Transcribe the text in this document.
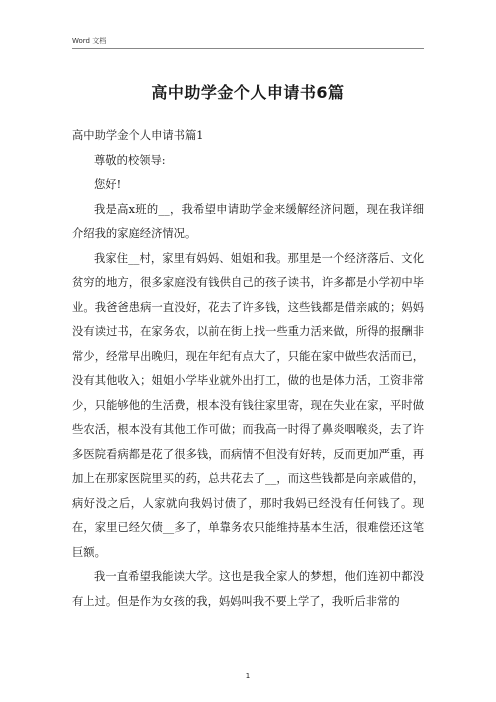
Word 文档
高中助学金个人申请书6篇

高中助学金个人申请书篇1

尊敬的校领导:

您好!

我是高x班的__，我希望申请助学金来缓解经济问题，现在我详细介绍我的家庭经济情况。

我家住__村，家里有妈妈、姐姐和我。那里是一个经济落后、文化贫穷的地方，很多家庭没有钱供自己的孩子读书，许多都是小学初中毕业。我爸爸患病一直没好，花去了许多钱，这些钱都是借亲戚的；妈妈没有读过书，在家务农，以前在街上找一些重力活来做，所得的报酬非常少，经常早出晚归，现在年纪有点大了，只能在家中做些农活而已，没有其他收入；姐姐小学毕业就外出打工，做的也是体力活，工资非常少，只能够他的生活费，根本没有钱往家里寄，现在失业在家，平时做些农活，根本没有其他工作可做；而我高一时得了鼻炎咽喉炎，去了许多医院看病都是花了很多钱，而病情不但没有好转，反而更加严重，再加上在那家医院里买的药，总共花去了__，而这些钱都是向亲戚借的，病好没之后，人家就向我妈讨债了，那时我妈已经没有任何钱了。现在，家里已经欠债__多了，单靠务农只能维持基本生活，很难偿还这笔巨额。

我一直希望我能读大学。这也是我全家人的梦想，他们连初中都没有上过。但是作为女孩的我，妈妈叫我不要上学了，我听后非常的

1
